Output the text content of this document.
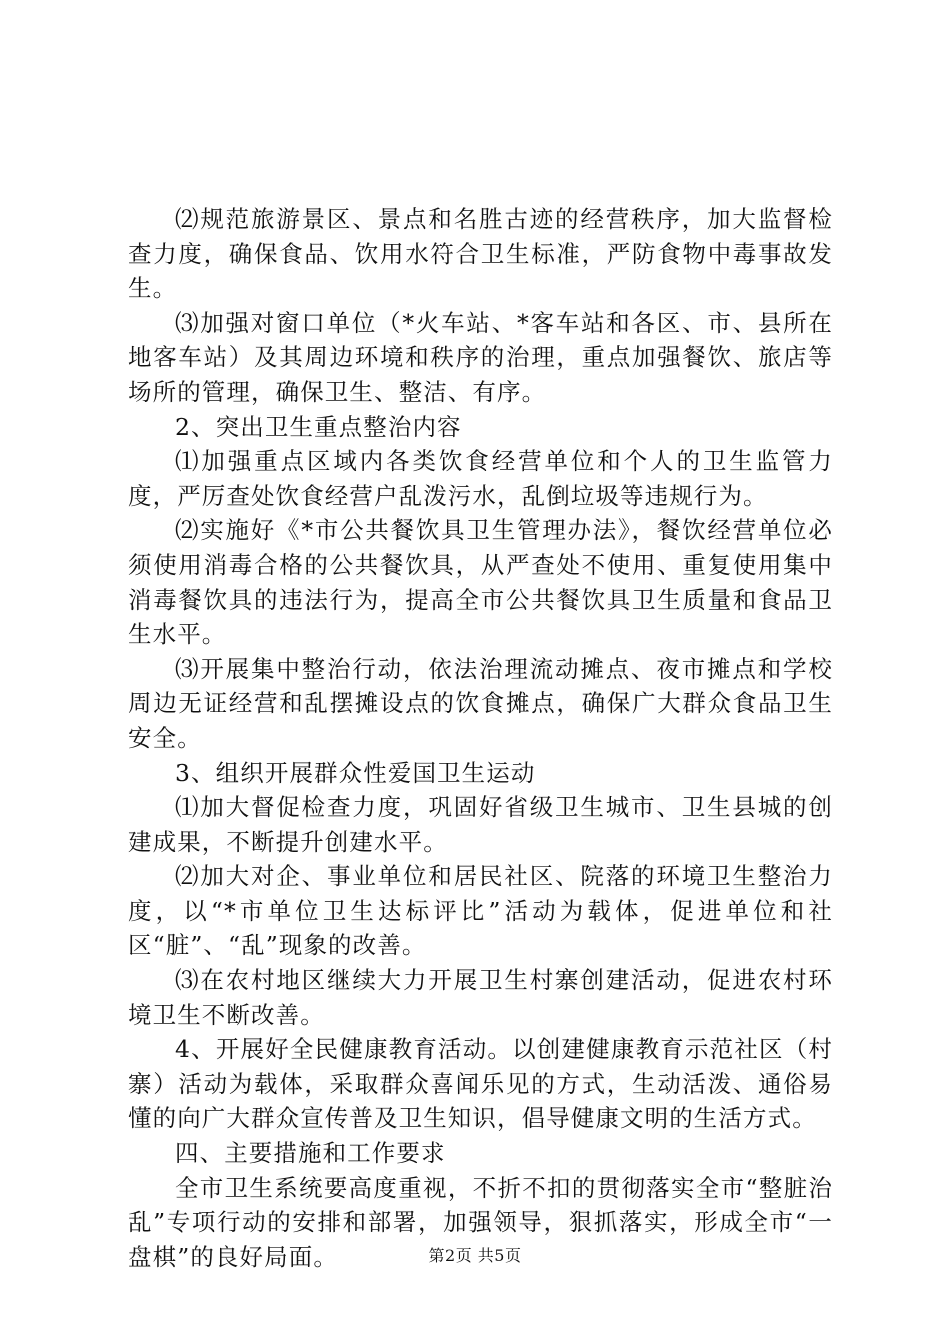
⑵规范旅游景区、景点和名胜古迹的经营秩序，加大监督检查力度，确保食品、饮用水符合卫生标准，严防食物中毒事故发生。

⑶加强对窗口单位（*火车站、*客车站和各区、市、县所在地客车站）及其周边环境和秩序的治理，重点加强餐饮、旅店等场所的管理，确保卫生、整洁、有序。

2、突出卫生重点整治内容

⑴加强重点区域内各类饮食经营单位和个人的卫生监管力度，严厉查处饮食经营户乱泼污水，乱倒垃圾等违规行为。

⑵实施好《*市公共餐饮具卫生管理办法》，餐饮经营单位必须使用消毒合格的公共餐饮具，从严查处不使用、重复使用集中消毒餐饮具的违法行为，提高全市公共餐饮具卫生质量和食品卫生水平。

⑶开展集中整治行动，依法治理流动摊点、夜市摊点和学校周边无证经营和乱摆摊设点的饮食摊点，确保广大群众食品卫生安全。

3、组织开展群众性爱国卫生运动

⑴加大督促检查力度，巩固好省级卫生城市、卫生县城的创建成果，不断提升创建水平。

⑵加大对企、事业单位和居民社区、院落的环境卫生整治力度，以“*市单位卫生达标评比”活动为载体，促进单位和社区“脏”、“乱”现象的改善。

⑶在农村地区继续大力开展卫生村寨创建活动，促进农村环境卫生不断改善。

4、开展好全民健康教育活动。以创建健康教育示范社区（村寨）活动为载体，采取群众喜闻乐见的方式，生动活泼、通俗易懂的向广大群众宣传普及卫生知识，倡导健康文明的生活方式。

四、主要措施和工作要求

全市卫生系统要高度重视，不折不扣的贯彻落实全市“整脏治乱”专项行动的安排和部署，加强领导，狠抓落实，形成全市“一盘棋”的良好局面。	第2页 共5页
